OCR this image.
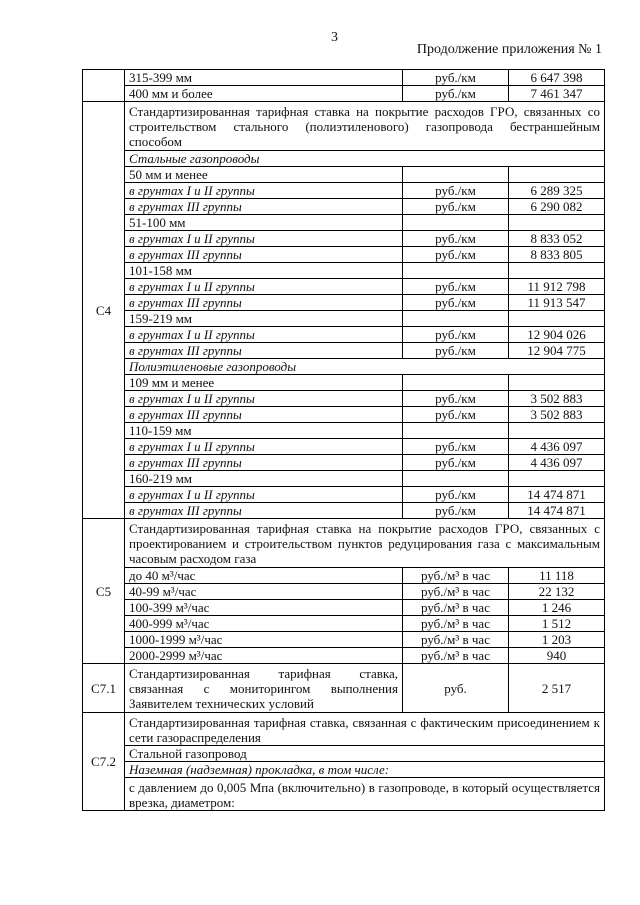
3
Продолжение приложения № 1
	315-399 мм	руб./км	6 647 398
	400 мм и более	руб./км	7 461 347
С4	Стандартизированная тарифная ставка на покрытие расходов ГРО, связанных со строительством стального (полиэтиленового) газопровода бестраншейным способом		
	Стальные газопроводы		
	50 мм и менее		
	в грунтах I и II группы	руб./км	6 289 325
	в грунтах III группы	руб./км	6 290 082
	51-100 мм		
	в грунтах I и II группы	руб./км	8 833 052
	в грунтах III группы	руб./км	8 833 805
	101-158 мм		
	в грунтах I и II группы	руб./км	11 912 798
	в грунтах III группы	руб./км	11 913 547
	159-219 мм		
	в грунтах I и II группы	руб./км	12 904 026
	в грунтах III группы	руб./км	12 904 775
	Полиэтиленовые газопроводы		
	109 мм и менее		
	в грунтах I и II группы	руб./км	3 502 883
	в грунтах III группы	руб./км	3 502 883
	110-159 мм		
	в грунтах I и II группы	руб./км	4 436 097
	в грунтах III группы	руб./км	4 436 097
	160-219 мм		
	в грунтах I и II группы	руб./км	14 474 871
	в грунтах III группы	руб./км	14 474 871
С5	Стандартизированная тарифная ставка на покрытие расходов ГРО, связанных с проектированием и строительством пунктов редуцирования газа с максимальным часовым расходом газа		
	до 40 м³/час	руб./м³ в час	11 118
	40-99 м³/час	руб./м³ в час	22 132
	100-399 м³/час	руб./м³ в час	1 246
	400-999 м³/час	руб./м³ в час	1 512
	1000-1999 м³/час	руб./м³ в час	1 203
	2000-2999 м³/час	руб./м³ в час	940
С7.1	Стандартизированная тарифная ставка, связанная с мониторингом выполнения Заявителем технических условий	руб.	2 517
С7.2	Стандартизированная тарифная ставка, связанная с фактическим присоединением к сети газораспределения		
	Стальной газопровод		
	Наземная (надземная) прокладка, в том числе:		
	с давлением до 0,005 Мпа (включительно) в газопроводе, в который осуществляется врезка, диаметром:		
